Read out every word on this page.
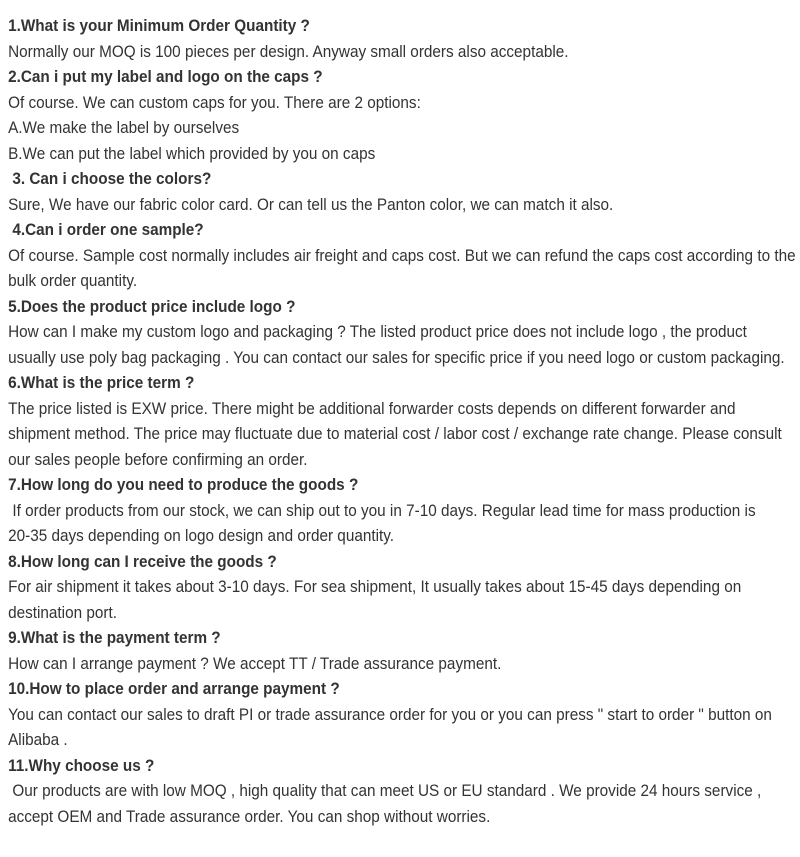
1.What is your Minimum Order Quantity ?
Normally our MOQ is 100 pieces per design. Anyway small orders also acceptable.
2.Can i put my label and logo on the caps ?
Of course. We can custom caps for you. There are 2 options:
A.We make the label by ourselves
B.We can put the label which provided by you on caps
3. Can i choose the colors?
Sure, We have our fabric color card. Or can tell us the Panton color, we can match it also.
4.Can i order one sample?
Of course. Sample cost normally includes air freight and caps cost. But we can refund the caps cost according to the
bulk order quantity.
5.Does the product price include logo ?
How can I make my custom logo and packaging ? The listed product price does not include logo , the product
usually use poly bag packaging . You can contact our sales for specific price if you need logo or custom packaging.
6.What is the price term ?
The price listed is EXW price. There might be additional forwarder costs depends on different forwarder and
shipment method. The price may fluctuate due to material cost / labor cost / exchange rate change. Please consult
our sales people before confirming an order.
7.How long do you need to produce the goods ?
If order products from our stock, we can ship out to you in 7-10 days. Regular lead time for mass production is
20-35 days depending on logo design and order quantity.
8.How long can I receive the goods ?
For air shipment it takes about 3-10 days. For sea shipment, It usually takes about 15-45 days depending on
destination port.
9.What is the payment term ?
How can I arrange payment ? We accept TT / Trade assurance payment.
10.How to place order and arrange payment ?
You can contact our sales to draft PI or trade assurance order for you or you can press " start to order " button on
Alibaba .
11.Why choose us ?
Our products are with low MOQ , high quality that can meet US or EU standard . We provide 24 hours service ,
accept OEM and Trade assurance order. You can shop without worries.
